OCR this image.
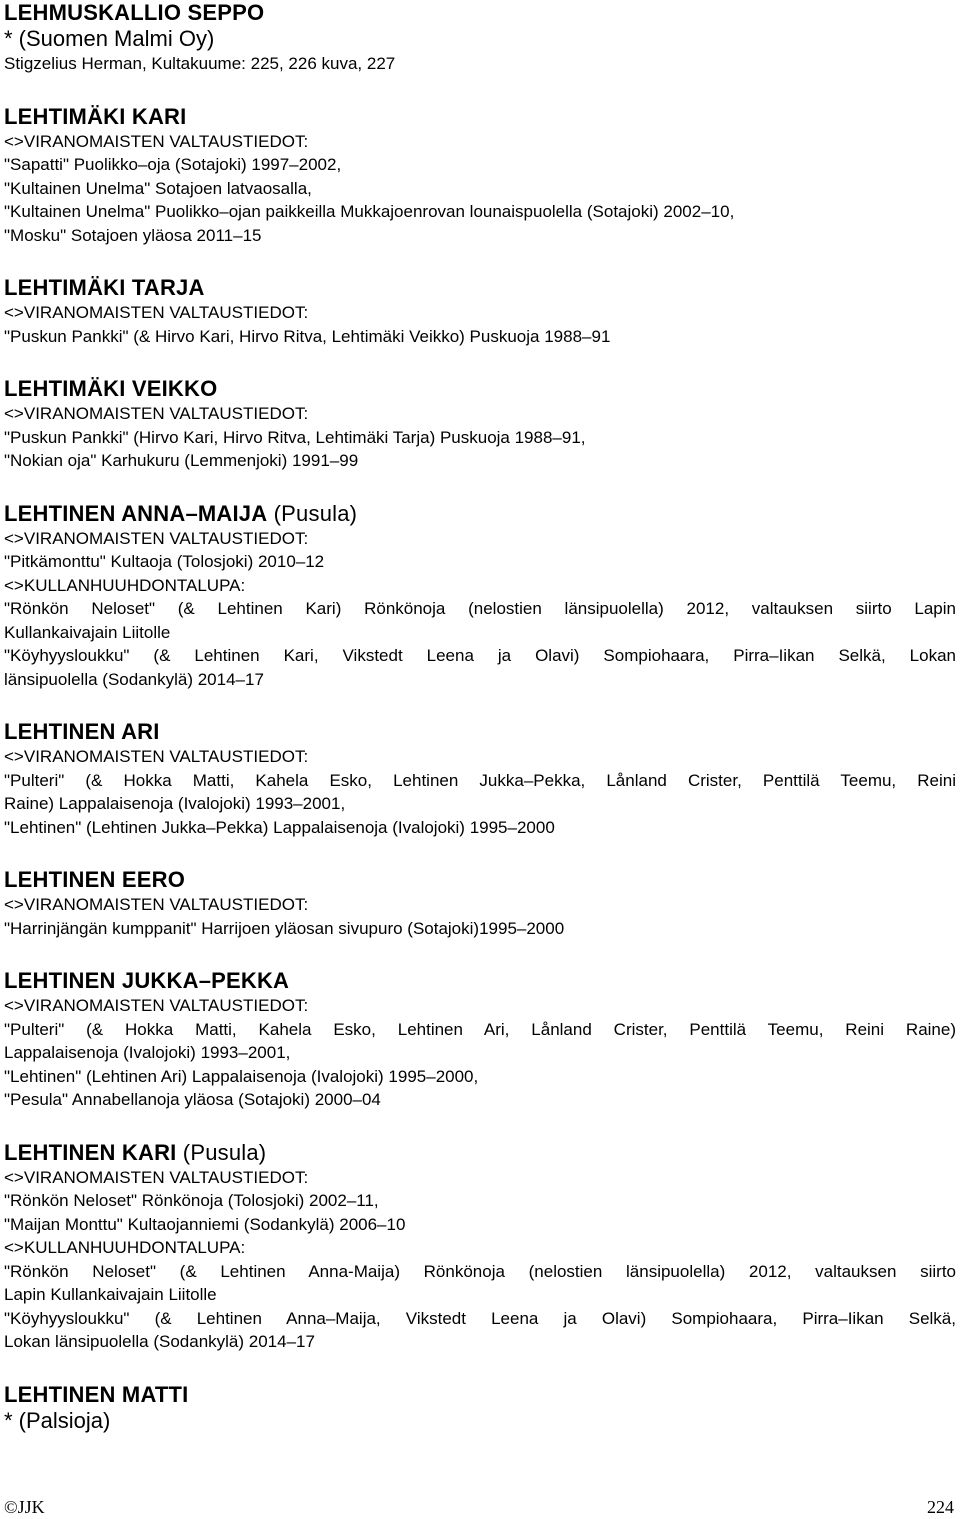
LEHMUSKALLIO SEPPO
* (Suomen Malmi Oy)
Stigzelius Herman, Kultakuume: 225, 226 kuva, 227
LEHTIMÄKI KARI
<>VIRANOMAISTEN VALTAUSTIEDOT:
"Sapatti" Puolikko–oja (Sotajoki) 1997–2002,
"Kultainen Unelma" Sotajoen latvaosalla,
"Kultainen Unelma" Puolikko–ojan paikkeilla Mukkajoenrovan lounaispuolella (Sotajoki) 2002–10,
"Mosku" Sotajoen yläosa 2011–15
LEHTIMÄKI TARJA
<>VIRANOMAISTEN VALTAUSTIEDOT:
"Puskun Pankki" (& Hirvo Kari, Hirvo Ritva, Lehtimäki Veikko) Puskuoja 1988–91
LEHTIMÄKI VEIKKO
<>VIRANOMAISTEN VALTAUSTIEDOT:
"Puskun Pankki" (Hirvo Kari, Hirvo Ritva, Lehtimäki Tarja) Puskuoja 1988–91,
"Nokian oja" Karhukuru (Lemmenjoki) 1991–99
LEHTINEN ANNA–MAIJA (Pusula)
<>VIRANOMAISTEN VALTAUSTIEDOT:
"Pitkämonttu" Kultaoja (Tolosjoki) 2010–12
<>KULLANHUUHDONTALUPA:
"Rönkön Neloset" (& Lehtinen Kari) Rönkönoja (nelostien länsipuolella) 2012, valtauksen siirto Lapin
Kullankaivajain Liitolle
"Köyhyysloukku" (& Lehtinen Kari, Vikstedt Leena ja Olavi) Sompiohaara, Pirra–Iikan Selkä, Lokan
länsipuolella (Sodankylä) 2014–17
LEHTINEN ARI
<>VIRANOMAISTEN VALTAUSTIEDOT:
"Pulteri" (& Hokka Matti, Kahela Esko, Lehtinen Jukka–Pekka, Lånland Crister, Penttilä Teemu, Reini
Raine) Lappalaisenoja (Ivalojoki) 1993–2001,
"Lehtinen" (Lehtinen Jukka–Pekka) Lappalaisenoja (Ivalojoki) 1995–2000
LEHTINEN EERO
<>VIRANOMAISTEN VALTAUSTIEDOT:
"Harrinjängän kumppanit" Harrijoen yläosan sivupuro (Sotajoki)1995–2000
LEHTINEN JUKKA–PEKKA
<>VIRANOMAISTEN VALTAUSTIEDOT:
"Pulteri" (& Hokka Matti, Kahela Esko, Lehtinen Ari, Lånland Crister, Penttilä Teemu, Reini Raine)
Lappalaisenoja (Ivalojoki) 1993–2001,
"Lehtinen" (Lehtinen Ari) Lappalaisenoja (Ivalojoki) 1995–2000,
"Pesula" Annabellanoja yläosa (Sotajoki) 2000–04
LEHTINEN KARI (Pusula)
<>VIRANOMAISTEN VALTAUSTIEDOT:
"Rönkön Neloset" Rönkönoja (Tolosjoki) 2002–11,
"Maijan Monttu" Kultaojanniemi (Sodankylä) 2006–10
<>KULLANHUUHDONTALUPA:
"Rönkön Neloset" (& Lehtinen Anna-Maija) Rönkönoja (nelostien länsipuolella) 2012, valtauksen siirto
Lapin Kullankaivajain Liitolle
"Köyhyysloukku" (& Lehtinen Anna–Maija, Vikstedt Leena ja Olavi) Sompiohaara, Pirra–Iikan Selkä,
Lokan länsipuolella (Sodankylä) 2014–17
LEHTINEN MATTI
* (Palsioja)
©JJK	224
